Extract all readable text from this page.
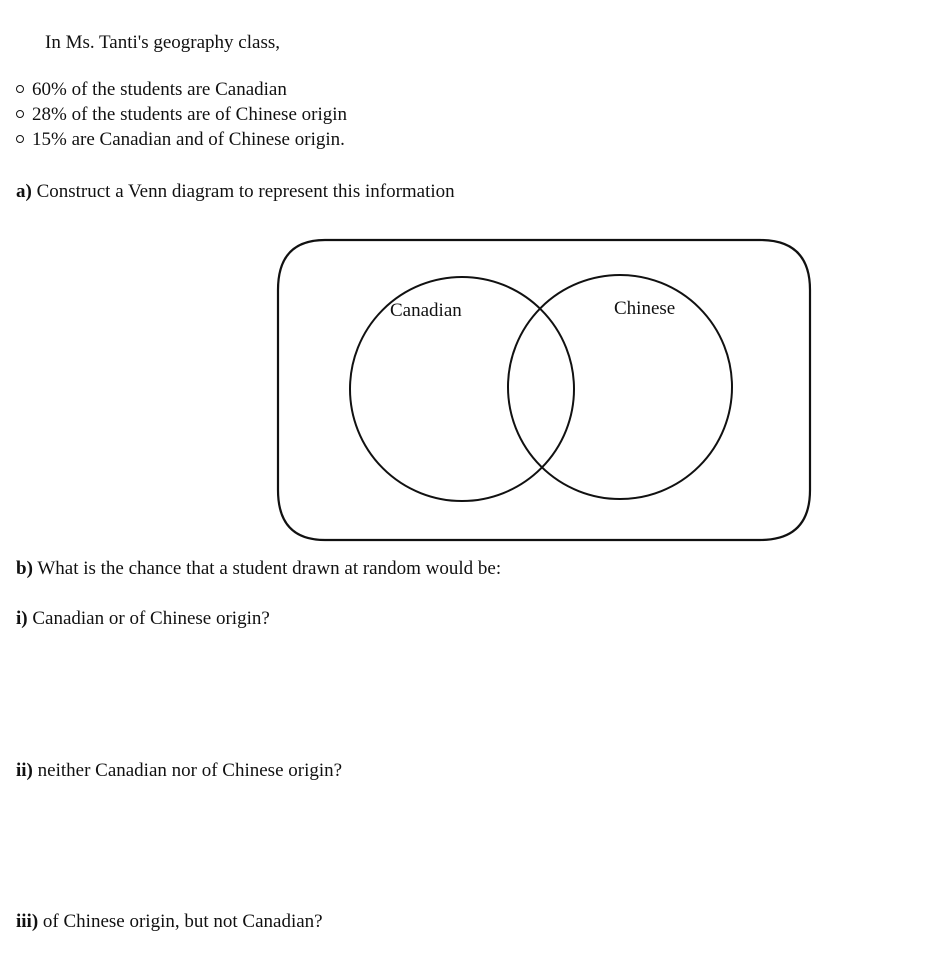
In Ms. Tanti's geography class,
60% of the students are Canadian
28% of the students are of Chinese origin
15% are Canadian and of Chinese origin.
a) Construct a Venn diagram to represent this information
Canadian	Chinese
b) What is the chance that a student drawn at random would be:
i) Canadian or of Chinese origin?
ii) neither Canadian nor of Chinese origin?
iii) of Chinese origin, but not Canadian?
